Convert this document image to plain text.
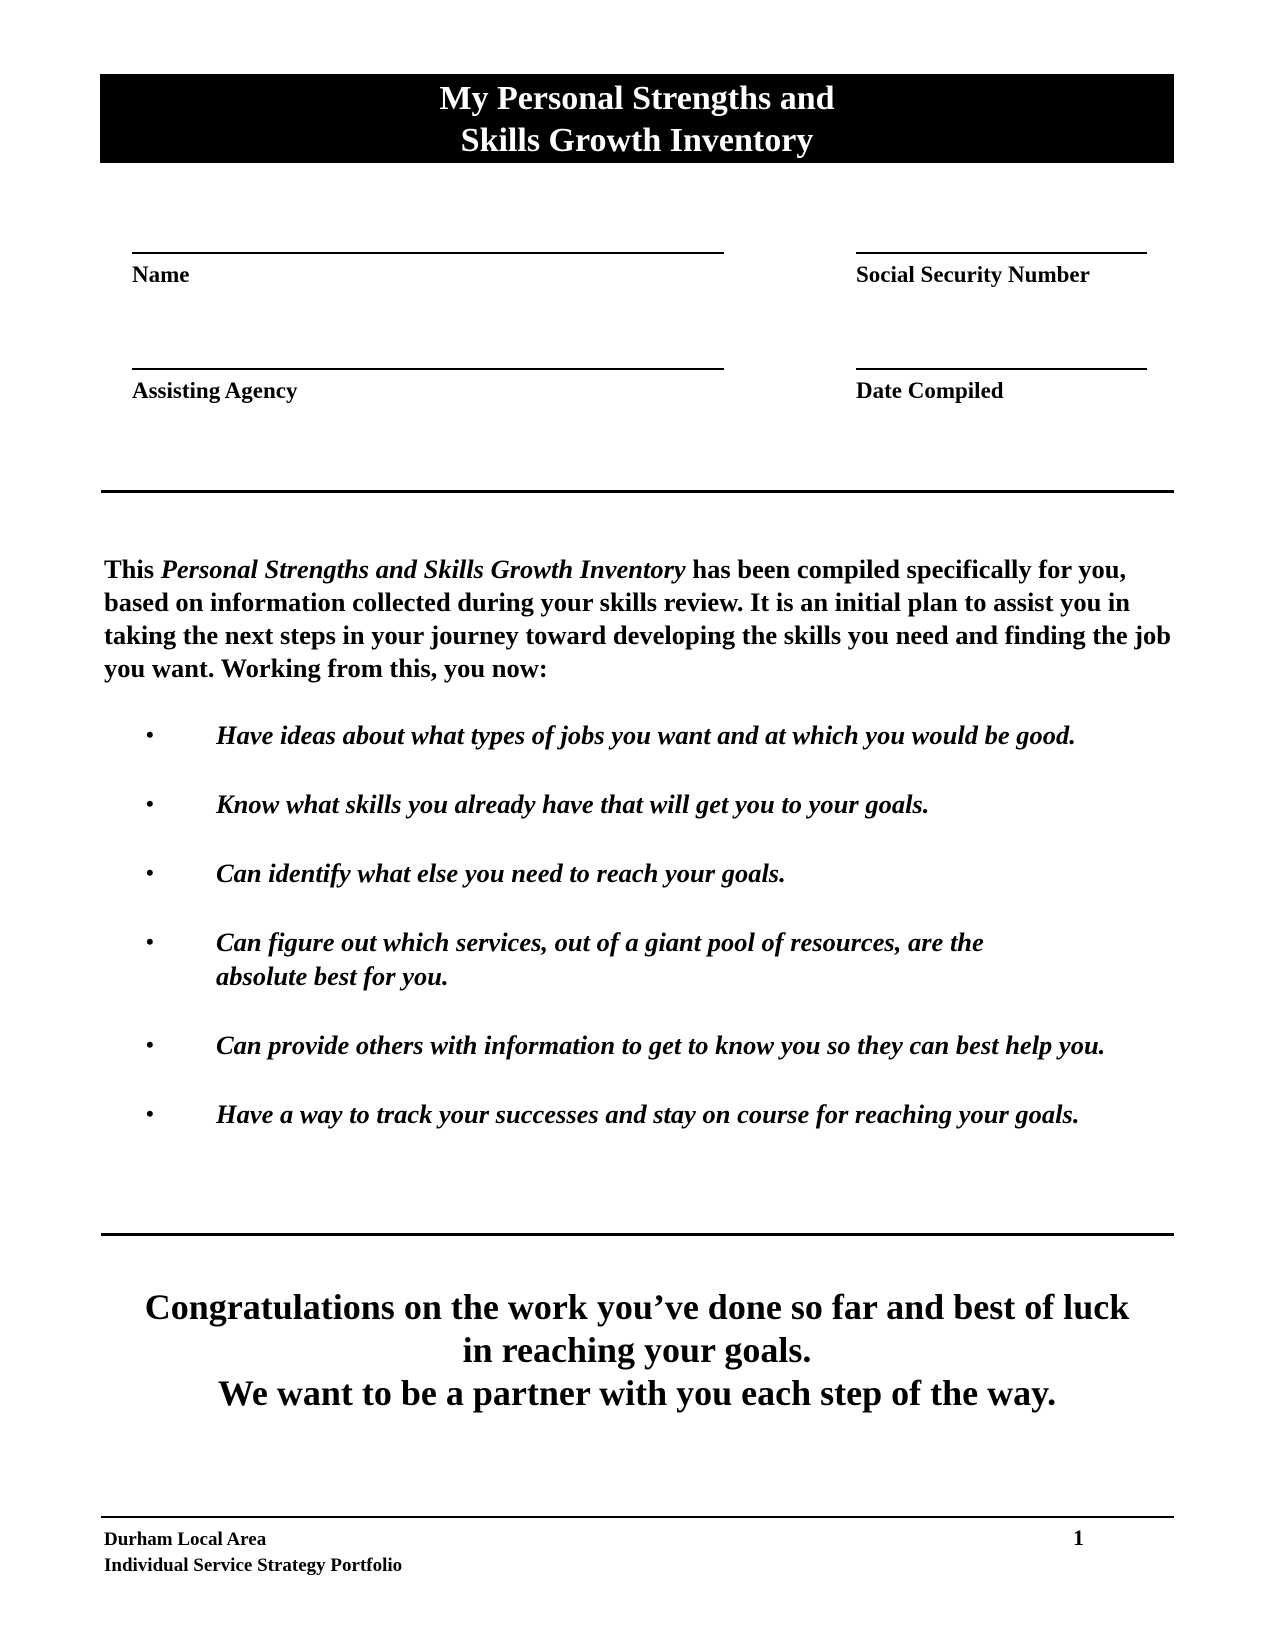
My Personal Strengths and
Skills Growth Inventory
Name	Social Security Number
Assisting Agency	Date Compiled

This Personal Strengths and Skills Growth Inventory has been compiled specifically for you, based on information collected during your skills review. It is an initial plan to assist you in taking the next steps in your journey toward developing the skills you need and finding the job you want. Working from this, you now:

• Have ideas about what types of jobs you want and at which you would be good.
• Know what skills you already have that will get you to your goals.
• Can identify what else you need to reach your goals.
• Can figure out which services, out of a giant pool of resources, are the absolute best for you.
• Can provide others with information to get to know you so they can best help you.
• Have a way to track your successes and stay on course for reaching your goals.
Congratulations on the work you’ve done so far and best of luck
in reaching your goals.
We want to be a partner with you each step of the way.
Durham Local Area
Individual Service Strategy Portfolio
1
